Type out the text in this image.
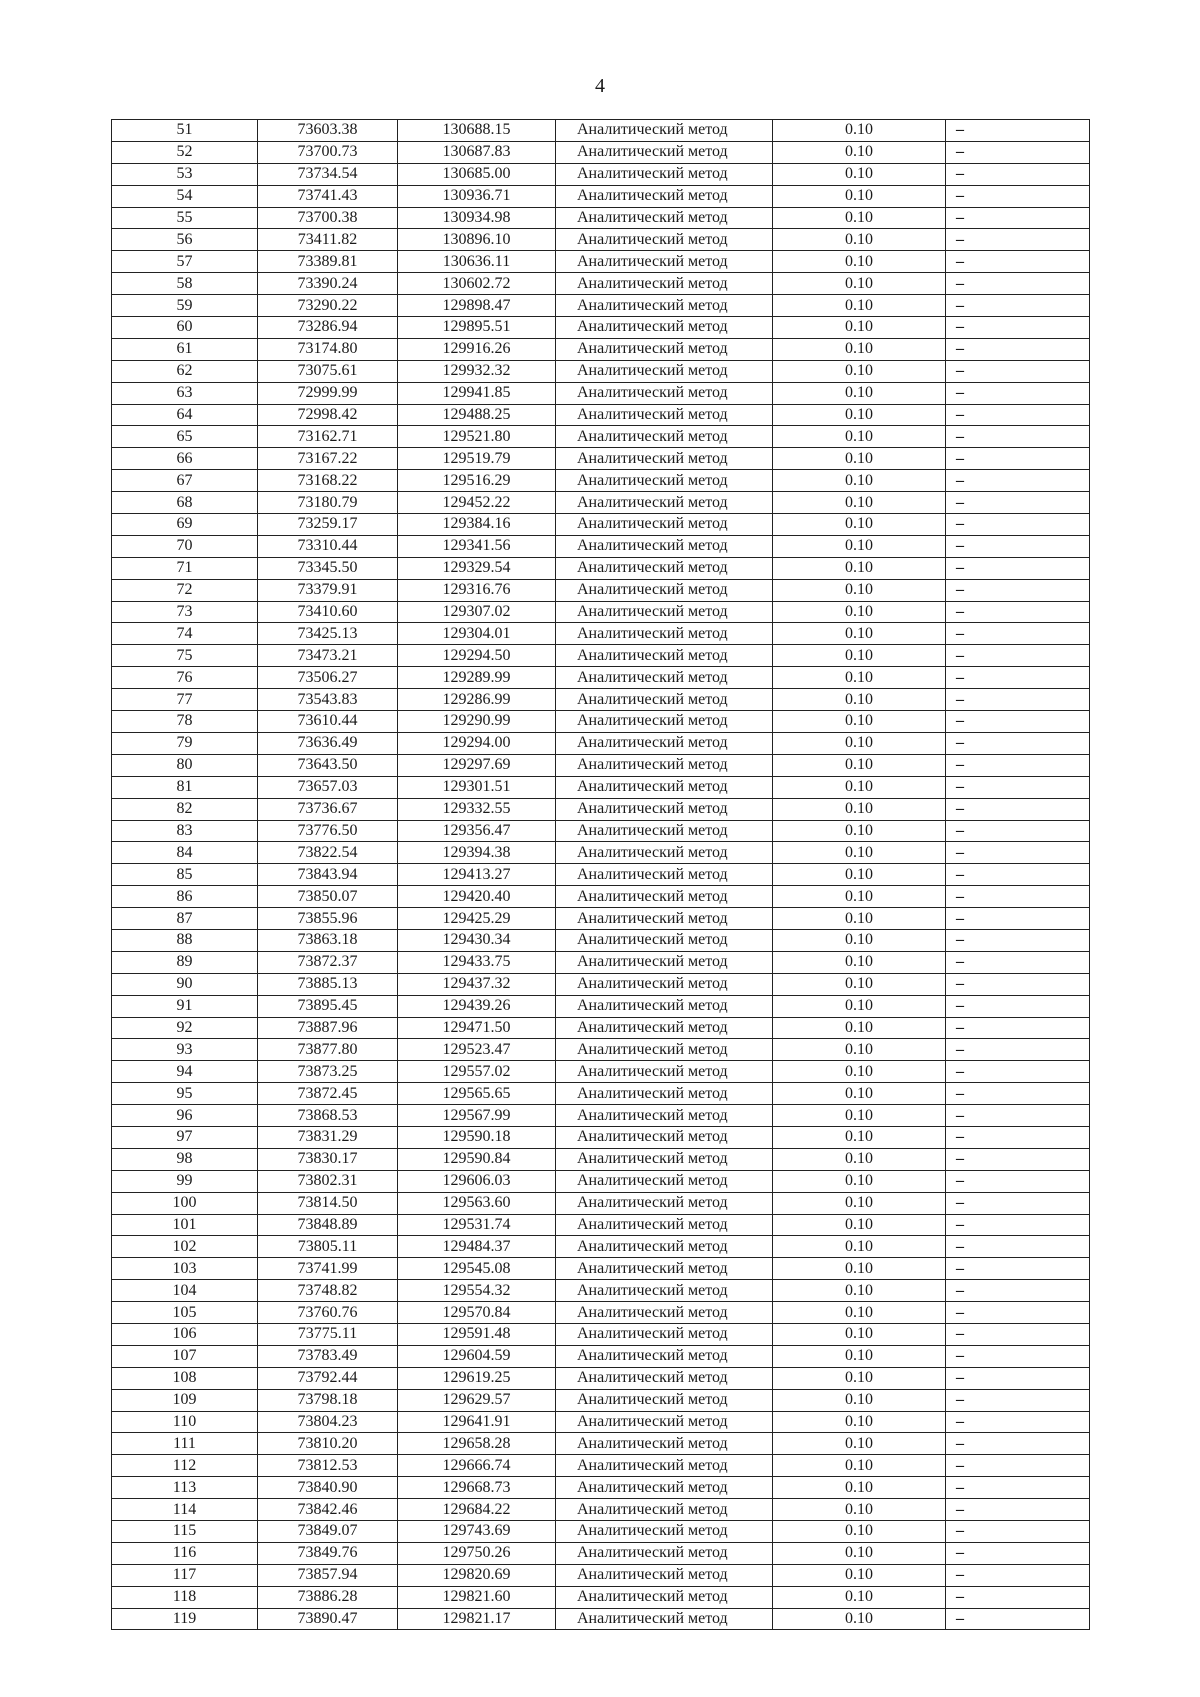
4
51	73603.38	130688.15	Аналитический метод	0.10	–
52	73700.73	130687.83	Аналитический метод	0.10	–
53	73734.54	130685.00	Аналитический метод	0.10	–
54	73741.43	130936.71	Аналитический метод	0.10	–
55	73700.38	130934.98	Аналитический метод	0.10	–
56	73411.82	130896.10	Аналитический метод	0.10	–
57	73389.81	130636.11	Аналитический метод	0.10	–
58	73390.24	130602.72	Аналитический метод	0.10	–
59	73290.22	129898.47	Аналитический метод	0.10	–
60	73286.94	129895.51	Аналитический метод	0.10	–
61	73174.80	129916.26	Аналитический метод	0.10	–
62	73075.61	129932.32	Аналитический метод	0.10	–
63	72999.99	129941.85	Аналитический метод	0.10	–
64	72998.42	129488.25	Аналитический метод	0.10	–
65	73162.71	129521.80	Аналитический метод	0.10	–
66	73167.22	129519.79	Аналитический метод	0.10	–
67	73168.22	129516.29	Аналитический метод	0.10	–
68	73180.79	129452.22	Аналитический метод	0.10	–
69	73259.17	129384.16	Аналитический метод	0.10	–
70	73310.44	129341.56	Аналитический метод	0.10	–
71	73345.50	129329.54	Аналитический метод	0.10	–
72	73379.91	129316.76	Аналитический метод	0.10	–
73	73410.60	129307.02	Аналитический метод	0.10	–
74	73425.13	129304.01	Аналитический метод	0.10	–
75	73473.21	129294.50	Аналитический метод	0.10	–
76	73506.27	129289.99	Аналитический метод	0.10	–
77	73543.83	129286.99	Аналитический метод	0.10	–
78	73610.44	129290.99	Аналитический метод	0.10	–
79	73636.49	129294.00	Аналитический метод	0.10	–
80	73643.50	129297.69	Аналитический метод	0.10	–
81	73657.03	129301.51	Аналитический метод	0.10	–
82	73736.67	129332.55	Аналитический метод	0.10	–
83	73776.50	129356.47	Аналитический метод	0.10	–
84	73822.54	129394.38	Аналитический метод	0.10	–
85	73843.94	129413.27	Аналитический метод	0.10	–
86	73850.07	129420.40	Аналитический метод	0.10	–
87	73855.96	129425.29	Аналитический метод	0.10	–
88	73863.18	129430.34	Аналитический метод	0.10	–
89	73872.37	129433.75	Аналитический метод	0.10	–
90	73885.13	129437.32	Аналитический метод	0.10	–
91	73895.45	129439.26	Аналитический метод	0.10	–
92	73887.96	129471.50	Аналитический метод	0.10	–
93	73877.80	129523.47	Аналитический метод	0.10	–
94	73873.25	129557.02	Аналитический метод	0.10	–
95	73872.45	129565.65	Аналитический метод	0.10	–
96	73868.53	129567.99	Аналитический метод	0.10	–
97	73831.29	129590.18	Аналитический метод	0.10	–
98	73830.17	129590.84	Аналитический метод	0.10	–
99	73802.31	129606.03	Аналитический метод	0.10	–
100	73814.50	129563.60	Аналитический метод	0.10	–
101	73848.89	129531.74	Аналитический метод	0.10	–
102	73805.11	129484.37	Аналитический метод	0.10	–
103	73741.99	129545.08	Аналитический метод	0.10	–
104	73748.82	129554.32	Аналитический метод	0.10	–
105	73760.76	129570.84	Аналитический метод	0.10	–
106	73775.11	129591.48	Аналитический метод	0.10	–
107	73783.49	129604.59	Аналитический метод	0.10	–
108	73792.44	129619.25	Аналитический метод	0.10	–
109	73798.18	129629.57	Аналитический метод	0.10	–
110	73804.23	129641.91	Аналитический метод	0.10	–
111	73810.20	129658.28	Аналитический метод	0.10	–
112	73812.53	129666.74	Аналитический метод	0.10	–
113	73840.90	129668.73	Аналитический метод	0.10	–
114	73842.46	129684.22	Аналитический метод	0.10	–
115	73849.07	129743.69	Аналитический метод	0.10	–
116	73849.76	129750.26	Аналитический метод	0.10	–
117	73857.94	129820.69	Аналитический метод	0.10	–
118	73886.28	129821.60	Аналитический метод	0.10	–
119	73890.47	129821.17	Аналитический метод	0.10	–
